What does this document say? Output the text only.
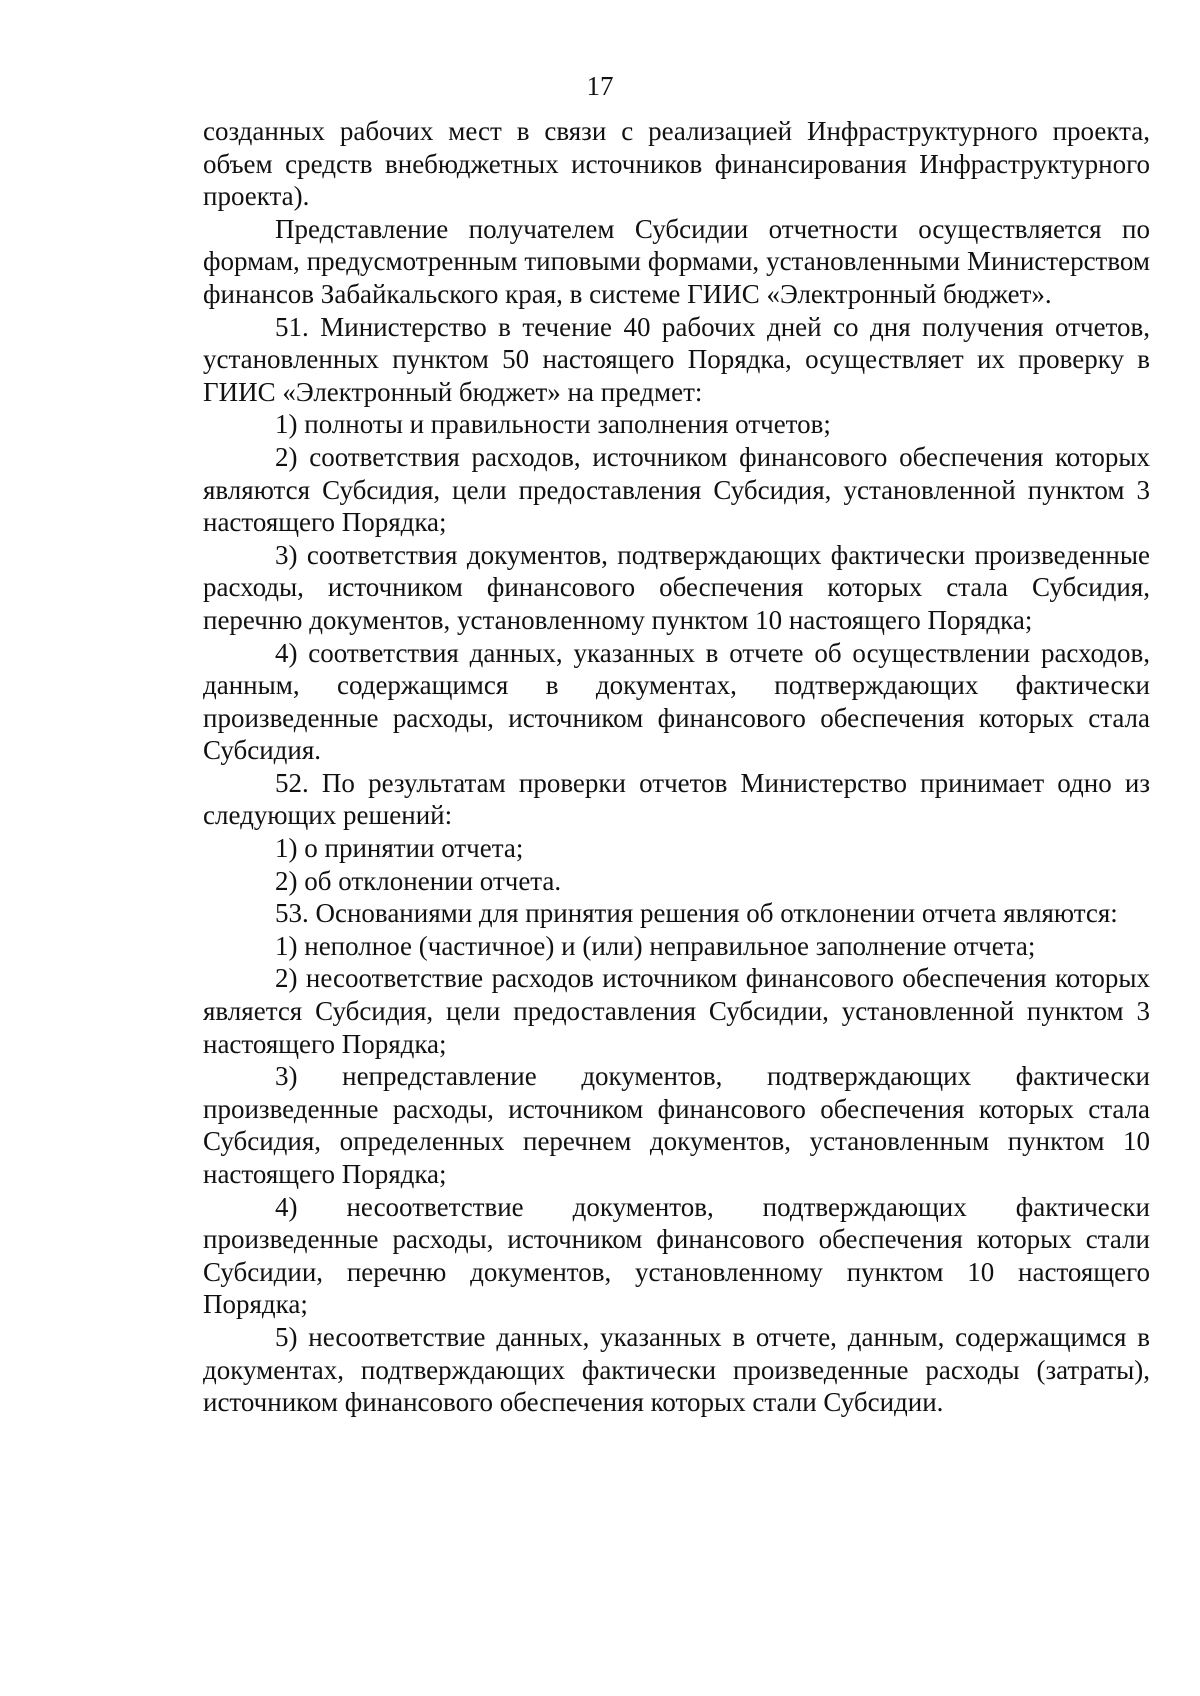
17

созданных рабочих мест в связи с реализацией Инфраструктурного проекта, объем средств внебюджетных источников финансирования Инфраструктурного проекта).

Представление получателем Субсидии отчетности осуществляется по формам, предусмотренным типовыми формами, установленными Министерством финансов Забайкальского края, в системе ГИИС «Электронный бюджет».

51. Министерство в течение 40 рабочих дней со дня получения отчетов, установленных пунктом 50 настоящего Порядка, осуществляет их проверку в ГИИС «Электронный бюджет» на предмет:

1) полноты и правильности заполнения отчетов;

2) соответствия расходов, источником финансового обеспечения которых являются Субсидия, цели предоставления Субсидия, установленной пунктом 3 настоящего Порядка;

3) соответствия документов, подтверждающих фактически произведенные расходы, источником финансового обеспечения которых стала Субсидия, перечню документов, установленному пунктом 10 настоящего Порядка;

4) соответствия данных, указанных в отчете об осуществлении расходов, данным, содержащимся в документах, подтверждающих фактически произведенные расходы, источником финансового обеспечения которых стала Субсидия.

52. По результатам проверки отчетов Министерство принимает одно из следующих решений:

1) о принятии отчета;

2) об отклонении отчета.

53. Основаниями для принятия решения об отклонении отчета являются:

1) неполное (частичное) и (или) неправильное заполнение отчета;

2) несоответствие расходов источником финансового обеспечения которых является Субсидия, цели предоставления Субсидии, установленной пунктом 3 настоящего Порядка;

3) непредставление документов, подтверждающих фактически произведенные расходы, источником финансового обеспечения которых стала Субсидия, определенных перечнем документов, установленным пунктом 10 настоящего Порядка;

4) несоответствие документов, подтверждающих фактически произведенные расходы, источником финансового обеспечения которых стали Субсидии, перечню документов, установленному пунктом 10 настоящего Порядка;

5) несоответствие данных, указанных в отчете, данным, содержащимся в документах, подтверждающих фактически произведенные расходы (затраты), источником финансового обеспечения которых стали Субсидии.
